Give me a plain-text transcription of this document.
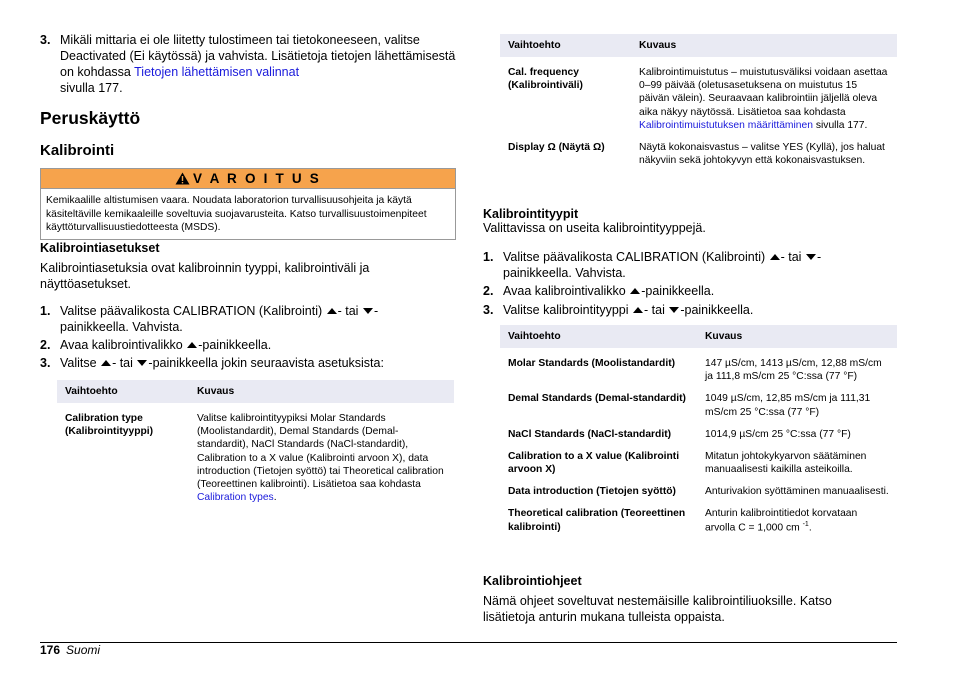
3. Mikäli mittaria ei ole liitetty tulostimeen tai tietokoneeseen, valitse Deactivated (Ei käytössä) ja vahvista. Lisätietoja tietojen lähettämisestä on kohdassa Tietojen lähettämisen valinnat
sivulla 177.
Peruskäyttö
Kalibrointi
V A R O I T U S
Kemikaalille altistumisen vaara. Noudata laboratorion turvallisuusohjeita ja käytä käsiteltäville kemikaaleille soveltuvia suojavarusteita. Katso turvallisuustoimenpiteet käyttöturvallisuustiedotteesta (MSDS).
Kalibrointiasetukset

Kalibrointiasetuksia ovat kalibroinnin tyyppi, kalibrointiväli ja näyttöasetukset.

1. Valitse päävalikosta CALIBRATION (Kalibrointi) - tai -
painikkeella. Vahvista.
2. Avaa kalibrointivalikko -painikkeella.
3. Valitse - tai -painikkeella jokin seuraavista asetuksista:
Vaihtoehto	Kuvaus
Calibration type (Kalibrointityyppi)	Valitse kalibrointityypiksi Molar Standards (Moolistandardit), Demal Standards (Demal-standardit), NaCl Standards (NaCl-standardit), Calibration to a X value (Kalibrointi arvoon X), data introduction (Tietojen syöttö) tai Theoretical calibration (Teoreettinen kalibrointi). Lisätietoa saa kohdasta Calibration types.
Vaihtoehto	Kuvaus
Cal. frequency (Kalibrointiväli)	Kalibrointimuistutus – muistutusväliksi voidaan asettaa 0–99 päivää (oletusasetuksena on muistutus 15 päivän välein). Seuraavaan kalibrointiin jäljellä oleva aika näkyy näytössä. Lisätietoa saa kohdasta Kalibrointimuistutuksen määrittäminen sivulla 177.
Display Ω (Näytä Ω)	Näytä kokonaisvastus – valitse YES (Kyllä), jos haluat näkyviin sekä johtokyvyn että kokonaisvastuksen.
Kalibrointityypit

Valittavissa on useita kalibrointityyppejä.

1. Valitse päävalikosta CALIBRATION (Kalibrointi) - tai -
painikkeella. Vahvista.
2. Avaa kalibrointivalikko -painikkeella.
3. Valitse kalibrointityyppi - tai -painikkeella.
Vaihtoehto	Kuvaus
Molar Standards (Moolistandardit)	147 µS/cm, 1413 µS/cm, 12,88 mS/cm ja 111,8 mS/cm 25 °C:ssa (77 °F)
Demal Standards (Demal-standardit)	1049 µS/cm, 12,85 mS/cm ja 111,31 mS/cm 25 °C:ssa (77 °F)
NaCl Standards (NaCl-standardit)	1014,9 µS/cm 25 °C:ssa (77 °F)
Calibration to a X value (Kalibrointi arvoon X)	Mitatun johtokykyarvon säätäminen manuaalisesti kaikilla asteikoilla.
Data introduction (Tietojen syöttö)	Anturivakion syöttäminen manuaalisesti.
Theoretical calibration (Teoreettinen kalibrointi)	Anturin kalibrointitiedot korvataan arvolla C = 1,000 cm $^{-1}$.
Kalibrointiohjeet

Nämä ohjeet soveltuvat nestemäisille kalibrointiliuoksille. Katso lisätietoja anturin mukana tulleista oppaista.

176 Suomi
